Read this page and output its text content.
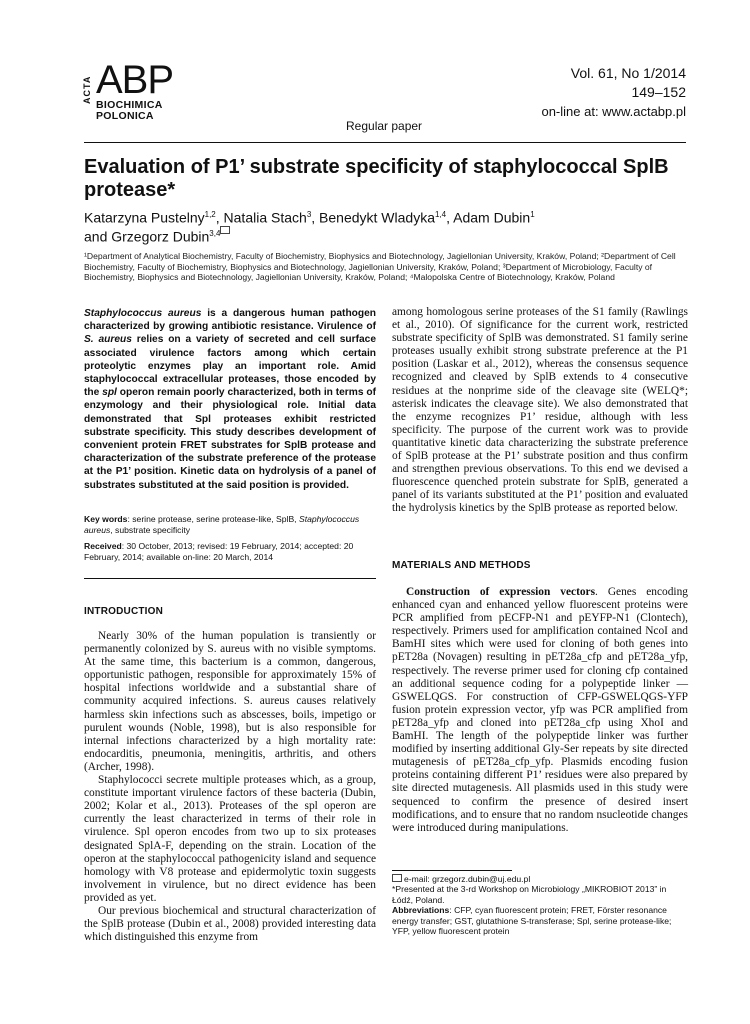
ACTA ABP
BIOCHIMICA
POLONICA
Vol. 61, No 1/2014
149–152
on-line at: www.actabp.pl
Regular paper
Evaluation of P1’ substrate specificity of staphylococcal SplB protease*
Katarzyna Pustelny$^{1,2}$, Natalia Stach$^3$, Benedykt Wladyka$^{1,4}$, Adam Dubin$^1$
and Grzegorz Dubin$^{3,4}$
¹Department of Analytical Biochemistry, Faculty of Biochemistry, Biophysics and Biotechnology, Jagiellonian University, Kraków, Poland; ²Department of Cell Biochemistry, Faculty of Biochemistry, Biophysics and Biotechnology, Jagiellonian University, Kraków, Poland; ³Department of Microbiology, Faculty of Biochemistry, Biophysics and Biotechnology, Jagiellonian University, Kraków, Poland; ⁴Malopolska Centre of Biotechnology, Kraków, Poland
Staphylococcus aureus is a dangerous human pathogen characterized by growing antibiotic resistance. Virulence of S. aureus relies on a variety of secreted and cell surface associated virulence factors among which certain proteolytic enzymes play an important role. Amid staphylococcal extracellular proteases, those encoded by the spl operon remain poorly characterized, both in terms of enzymology and their physiological role. Initial data demonstrated that Spl proteases exhibit restricted substrate specificity. This study describes development of convenient protein FRET substrates for SplB protease and characterization of the substrate preference of the protease at the P1’ position. Kinetic data on hydrolysis of a panel of substrates substituted at the said position is provided.
Key words: serine protease, serine protease-like, SplB, Staphylococcus aureus, substrate specificity
Received: 30 October, 2013; revised: 19 February, 2014; accepted: 20 February, 2014; available on-line: 20 March, 2014
INTRODUCTION

Nearly 30% of the human population is transiently or permanently colonized by S. aureus with no visible symptoms. At the same time, this bacterium is a common, dangerous, opportunistic pathogen, responsible for approximately 15% of hospital infections worldwide and a substantial share of community acquired infections. S. aureus causes relatively harmless skin infections such as abscesses, boils, impetigo or purulent wounds (Noble, 1998), but is also responsible for internal infections characterized by a high mortality rate: endocarditis, pneumonia, meningitis, arthritis, and others (Archer, 1998).

Staphylococci secrete multiple proteases which, as a group, constitute important virulence factors of these bacteria (Dubin, 2002; Kolar et al., 2013). Proteases of the spl operon are currently the least characterized in terms of their role in virulence. Spl operon encodes from two up to six proteases designated SplA-F, depending on the strain. Location of the operon at the staphylococcal pathogenicity island and sequence homology with V8 protease and epidermolytic toxin suggests involvement in virulence, but no direct evidence has been provided as yet.

Our previous biochemical and structural characterization of the SplB protease (Dubin et al., 2008) provided interesting data which distinguished this enzyme from

among homologous serine proteases of the S1 family (Rawlings et al., 2010). Of significance for the current work, restricted substrate specificity of SplB was demonstrated. S1 family serine proteases usually exhibit strong substrate preference at the P1 position (Laskar et al., 2012), whereas the consensus sequence recognized and cleaved by SplB extends to 4 consecutive residues at the nonprime side of the cleavage site (WELQ*; asterisk indicates the cleavage site). We also demonstrated that the enzyme recognizes P1’ residue, although with less specificity. The purpose of the current work was to provide quantitative kinetic data characterizing the substrate preference of SplB protease at the P1’ substrate position and thus confirm and strengthen previous observations. To this end we devised a fluorescence quenched protein substrate for SplB, generated a panel of its variants substituted at the P1’ position and evaluated the hydrolysis kinetics by the SplB protease as reported below.

MATERIALS AND METHODS

Construction of expression vectors. Genes encoding enhanced cyan and enhanced yellow fluorescent proteins were PCR amplified from pECFP-N1 and pEYFP-N1 (Clontech), respectively. Primers used for amplification contained NcoI and BamHI sites which were used for cloning of both genes into pET28a (Novagen) resulting in pET28a_cfp and pET28a_yfp, respectively. The reverse primer used for cloning cfp contained an additional sequence coding for a polypeptide linker — GSWELQGS. For construction of CFP-GSWELQGS-YFP fusion protein expression vector, yfp was PCR amplified from pET28a_yfp and cloned into pET28a_cfp using XhoI and BamHI. The length of the polypeptide linker was further modified by inserting additional Gly-Ser repeats by site directed mutagenesis of pET28a_cfp_yfp. Plasmids encoding fusion proteins containing different P1’ residues were also prepared by site directed mutagenesis. All plasmids used in this study were sequenced to confirm the presence of desired insert modifications, and to ensure that no random nsucleotide changes were introduced during manipulations.

e-mail: grzegorz.dubin@uj.edu.pl
*Presented at the 3-rd Workshop on Microbiology „MIKROBIOT 2013” in Łódź, Poland.
Abbreviations: CFP, cyan fluorescent protein; FRET, Förster resonance energy transfer; GST, glutathione S-transferase; Spl, serine protease-like; YFP, yellow fluorescent protein
